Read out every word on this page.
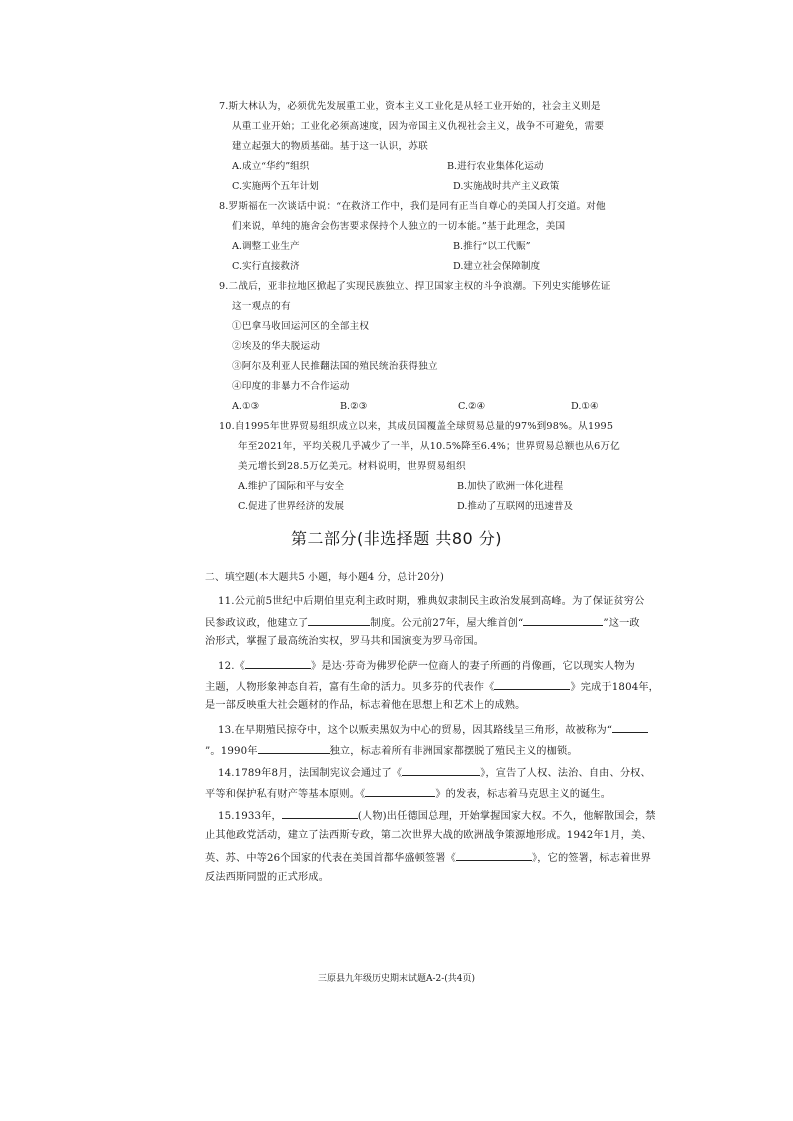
7.斯大林认为，必须优先发展重工业，资本主义工业化是从轻工业开始的，社会主义则是
从重工业开始；工业化必须高速度，因为帝国主义仇视社会主义，战争不可避免，需要
建立起强大的物质基础。基于这一认识，苏联
A.成立“华约”组织	B.进行农业集体化运动
C.实施两个五年计划	D.实施战时共产主义政策
8.罗斯福在一次谈话中说：“在救济工作中，我们是同有正当自尊心的美国人打交道。对他
们来说，单纯的施舍会伤害要求保持个人独立的一切本能。”基于此理念，美国
A.调整工业生产	B.推行“以工代赈”
C.实行直接救济	D.建立社会保障制度
9.二战后，亚非拉地区掀起了实现民族独立、捍卫国家主权的斗争浪潮。下列史实能够佐证
这一观点的有
①巴拿马收回运河区的全部主权
②埃及的华夫脱运动
③阿尔及利亚人民推翻法国的殖民统治获得独立
④印度的非暴力不合作运动
A.①③	B.②③	C.②④	D.①④
10.自1995年世界贸易组织成立以来，其成员国覆盖全球贸易总量的97%到98%。从1995
年至2021年，平均关税几乎减少了一半，从10.5%降至6.4%；世界贸易总额也从6万亿
美元增长到28.5万亿美元。材料说明，世界贸易组织
A.维护了国际和平与安全	B.加快了欧洲一体化进程
C.促进了世界经济的发展	D.推动了互联网的迅速普及
第二部分(非选择题 共80 分)
二、填空题(本大题共5 小题，每小题4 分，总计20分)
11.公元前5世纪中后期伯里克利主政时期，雅典奴隶制民主政治发展到高峰。为了保证贫穷公
民参政议政，他建立了	制度。公元前27年，屋大维首创“	”这一政
治形式，掌握了最高统治实权，罗马共和国演变为罗马帝国。
12.《	》是达·芬奇为佛罗伦萨一位商人的妻子所画的肖像画，它以现实人物为
主题，人物形象神态自若，富有生命的活力。贝多芬的代表作《	》完成于1804年，
是一部反映重大社会题材的作品，标志着他在思想上和艺术上的成熟。
13.在早期殖民掠夺中，这个以贩卖黑奴为中心的贸易，因其路线呈三角形，故被称为“
”。1990年	独立，标志着所有非洲国家都摆脱了殖民主义的枷锁。
14.1789年8月，法国制宪议会通过了《	》，宣告了人权、法治、自由、分权、
平等和保护私有财产等基本原则。《	》的发表，标志着马克思主义的诞生。
15.1933年，	(人物)出任德国总理，开始掌握国家大权。不久，他解散国会，禁
止其他政党活动，建立了法西斯专政，第二次世界大战的欧洲战争策源地形成。1942年1月，美、
英、苏、中等26个国家的代表在美国首都华盛顿签署《	》，它的签署，标志着世界
反法西斯同盟的正式形成。
三原县九年级历史期末试题A-2-(共4页)
